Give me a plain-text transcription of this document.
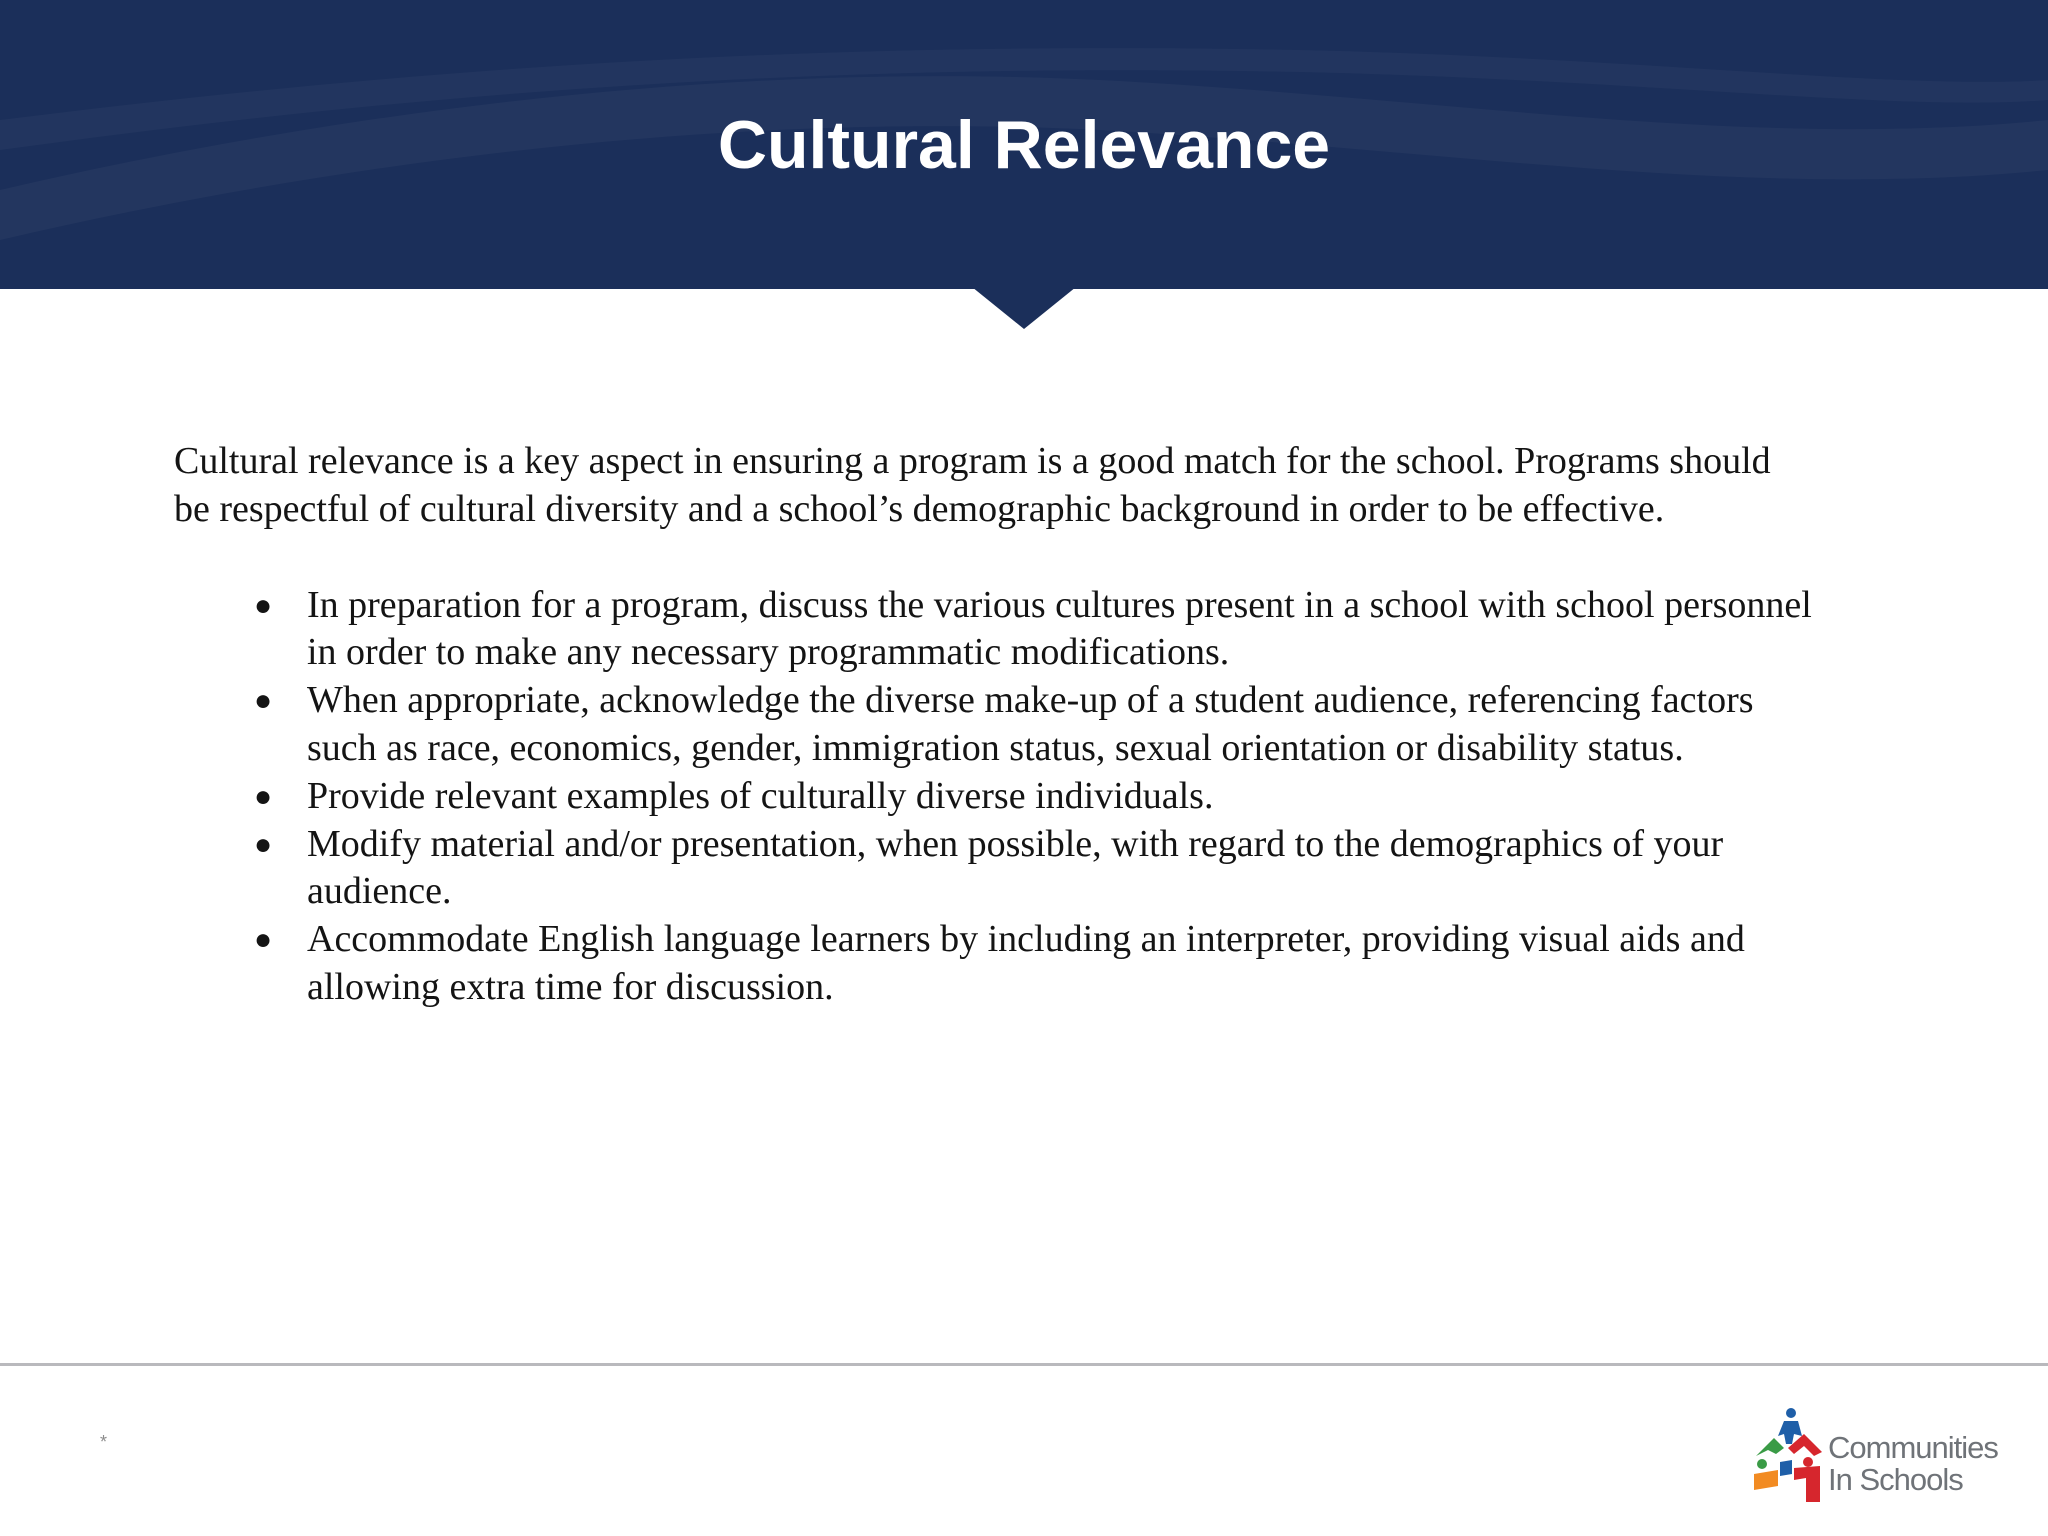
Cultural Relevance

Cultural relevance is a key aspect in ensuring a program is a good match for the school. Programs should be respectful of cultural diversity and a school’s demographic background in order to be effective.

● In preparation for a program, discuss the various cultures present in a school with school personnel in order to make any necessary programmatic modifications.
● When appropriate, acknowledge the diverse make-up of a student audience, referencing factors such as race, economics, gender, immigration status, sexual orientation or disability status.
● Provide relevant examples of culturally diverse individuals.
● Modify material and/or presentation, when possible, with regard to the demographics of your audience.
● Accommodate English language learners by including an interpreter, providing visual aids and allowing extra time for discussion.
*	Communities
In Schools
